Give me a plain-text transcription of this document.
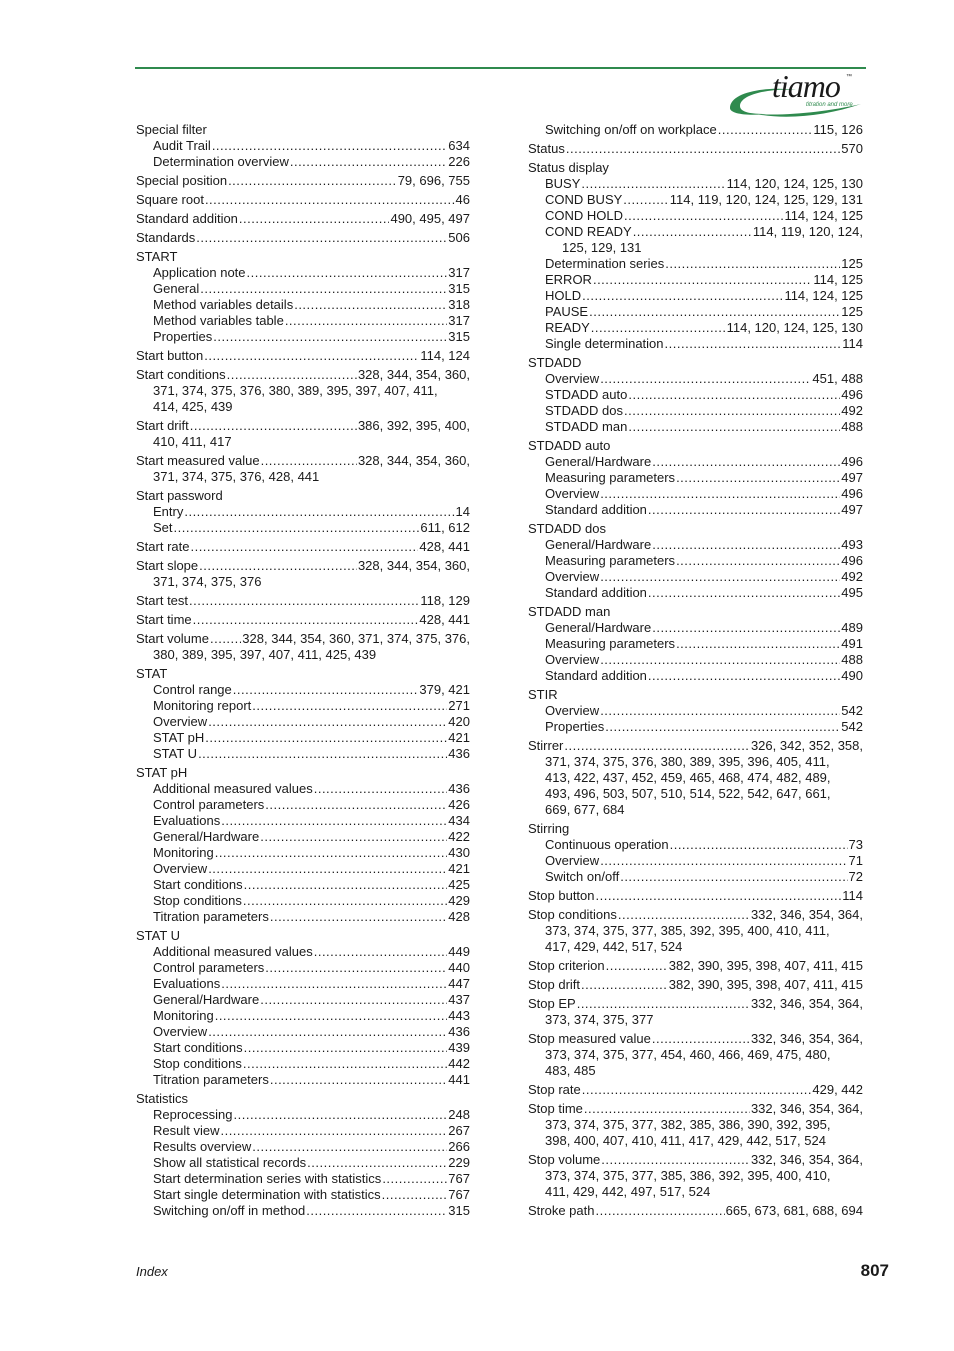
tiamo ™
titration and more
Special filter
Audit Trail .....	634
Determination overview .....	226
Special position .....	79, 696, 755
Square root .....	46
Standard addition .....	490, 495, 497
Standards .....	506
START
Application note .....	317
General .....	315
Method variables details .....	318
Method variables table .....	317
Properties .....	315
Start button .....	114, 124
Start conditions .....	328, 344, 354, 360,
371, 374, 375, 376, 380, 389, 395, 397, 407, 411,
414, 425, 439
Start drift .....	386, 392, 395, 400,
410, 411, 417
Start measured value .....	328, 344, 354, 360,
371, 374, 375, 376, 428, 441
Start password
Entry .....	14
Set .....	611, 612
Start rate .....	428, 441
Start slope .....	328, 344, 354, 360,
371, 374, 375, 376
Start test .....	118, 129
Start time .....	428, 441
Start volume .....	328, 344, 354, 360, 371, 374, 375, 376,
380, 389, 395, 397, 407, 411, 425, 439
STAT
Control range .....	379, 421
Monitoring report .....	271
Overview .....	420
STAT pH .....	421
STAT U .....	436
STAT pH
Additional measured values .....	436
Control parameters .....	426
Evaluations .....	434
General/Hardware .....	422
Monitoring .....	430
Overview .....	421
Start conditions .....	425
Stop conditions .....	429
Titration parameters .....	428
STAT U
Additional measured values .....	449
Control parameters .....	440
Evaluations .....	447
General/Hardware .....	437
Monitoring .....	443
Overview .....	436
Start conditions .....	439
Stop conditions .....	442
Titration parameters .....	441
Statistics
Reprocessing .....	248
Result view .....	267
Results overview .....	266
Show all statistical records .....	229
Start determination series with statistics .....	767
Start single determination with statistics .....	767
Switching on/off in method .....	315
Switching on/off on workplace .....	115, 126
Status .....	570
Status display
BUSY .....	114, 120, 124, 125, 130
COND BUSY .....	114, 119, 120, 124, 125, 129, 131
COND HOLD .....	114, 124, 125
COND READY .....	114, 119, 120, 124,
125, 129, 131
Determination series .....	125
ERROR .....	114, 125
HOLD .....	114, 124, 125
PAUSE .....	125
READY .....	114, 120, 124, 125, 130
Single determination .....	114
STDADD
Overview .....	451, 488
STDADD auto .....	496
STDADD dos .....	492
STDADD man .....	488
STDADD auto
General/Hardware .....	496
Measuring parameters .....	497
Overview .....	496
Standard addition .....	497
STDADD dos
General/Hardware .....	493
Measuring parameters .....	496
Overview .....	492
Standard addition .....	495
STDADD man
General/Hardware .....	489
Measuring parameters .....	491
Overview .....	488
Standard addition .....	490
STIR
Overview .....	542
Properties .....	542
Stirrer .....	326, 342, 352, 358,
371, 374, 375, 376, 380, 389, 395, 396, 405, 411,
413, 422, 437, 452, 459, 465, 468, 474, 482, 489,
493, 496, 503, 507, 510, 514, 522, 542, 647, 661,
669, 677, 684
Stirring
Continuous operation .....	73
Overview .....	71
Switch on/off .....	72
Stop button .....	114
Stop conditions .....	332, 346, 354, 364,
373, 374, 375, 377, 385, 392, 395, 400, 410, 411,
417, 429, 442, 517, 524
Stop criterion .....	382, 390, 395, 398, 407, 411, 415
Stop drift .....	382, 390, 395, 398, 407, 411, 415
Stop EP .....	332, 346, 354, 364,
373, 374, 375, 377
Stop measured value .....	332, 346, 354, 364,
373, 374, 375, 377, 454, 460, 466, 469, 475, 480,
483, 485
Stop rate .....	429, 442
Stop time .....	332, 346, 354, 364,
373, 374, 375, 377, 382, 385, 386, 390, 392, 395,
398, 400, 407, 410, 411, 417, 429, 442, 517, 524
Stop volume .....	332, 346, 354, 364,
373, 374, 375, 377, 385, 386, 392, 395, 400, 410,
411, 429, 442, 497, 517, 524
Stroke path .....	665, 673, 681, 688, 694
Index	807
